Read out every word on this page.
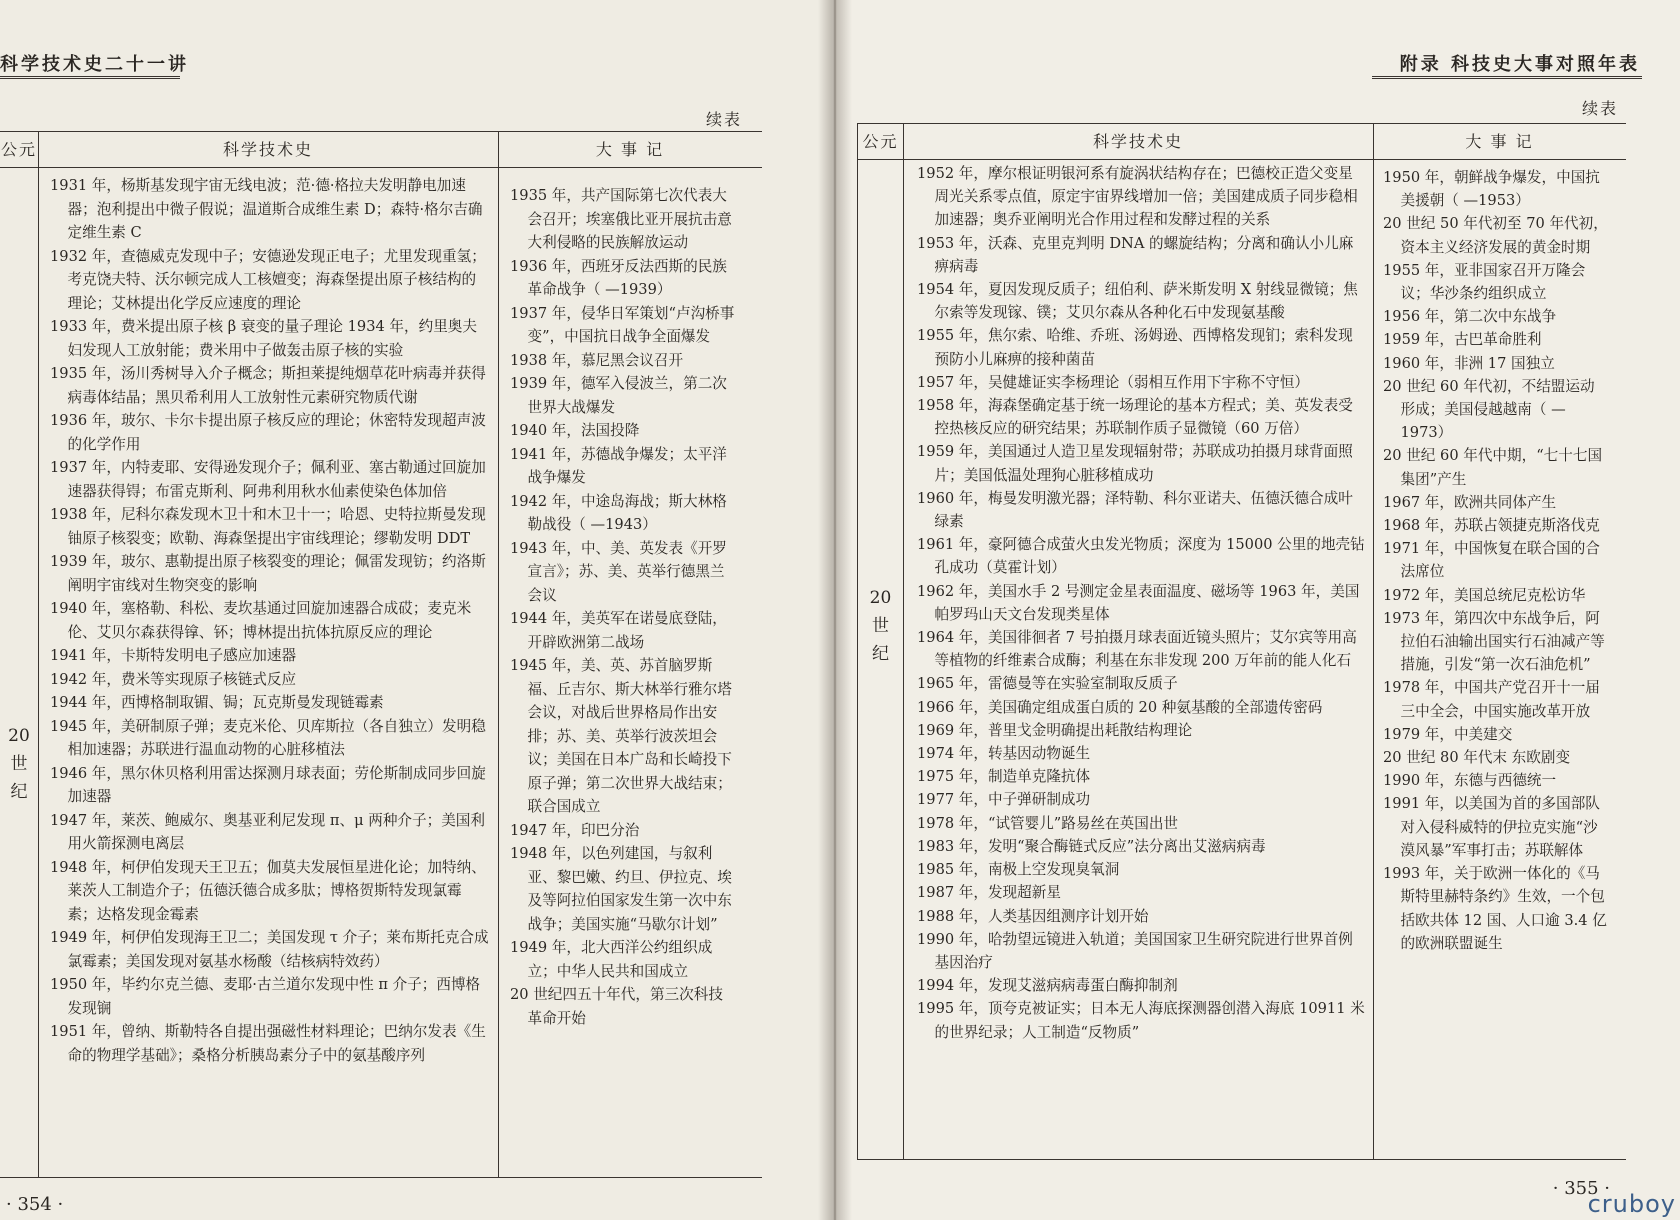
科学技术史二十一讲
续表
公元
20
世
纪
科学技术史
1931 年，杨斯基发现宇宙无线电波；范·德·格拉夫发明静电加速器；泡利提出中微子假说；温道斯合成维生素 D；森特·格尔吉确定维生素 C
1932 年，查德威克发现中子；安德逊发现正电子；尤里发现重氢；考克饶夫特、沃尔顿完成人工核嬗变；海森堡提出原子核结构的理论；艾林提出化学反应速度的理论
1933 年，费米提出原子核 β 衰变的量子理论 1934 年，约里奥夫妇发现人工放射能；费米用中子做轰击原子核的实验
1935 年，汤川秀树导入介子概念；斯担莱提纯烟草花叶病毒并获得病毒体结晶；黑贝希利用人工放射性元素研究物质代谢
1936 年，玻尔、卡尔卡提出原子核反应的理论；休密特发现超声波的化学作用
1937 年，内特麦耶、安得逊发现介子；佩利亚、塞古勒通过回旋加速器获得锝；布雷克斯利、阿弗利用秋水仙素使染色体加倍
1938 年，尼科尔森发现木卫十和木卫十一；哈恩、史特拉斯曼发现铀原子核裂变；欧勒、海森堡提出宇宙线理论；缪勒发明 DDT
1939 年，玻尔、惠勒提出原子核裂变的理论；佩雷发现钫；约洛斯阐明宇宙线对生物突变的影响
1940 年，塞格勒、科松、麦坎基通过回旋加速器合成砹；麦克米伦、艾贝尔森获得镎、钚；博林提出抗体抗原反应的理论
1941 年，卡斯特发明电子感应加速器
1942 年，费米等实现原子核链式反应
1944 年，西博格制取镅、锔；瓦克斯曼发现链霉素
1945 年，美研制原子弹；麦克米伦、贝库斯拉（各自独立）发明稳相加速器；苏联进行温血动物的心脏移植法
1946 年，黑尔休贝格利用雷达探测月球表面；劳伦斯制成同步回旋加速器
1947 年，莱茨、鲍威尔、奥基亚利尼发现 π、μ 两种介子；美国利用火箭探测电离层
1948 年，柯伊伯发现天王卫五；伽莫夫发展恒星进化论；加特纳、莱茨人工制造介子；伍德沃德合成多肽；博格贺斯特发现氯霉素；达格发现金霉素
1949 年，柯伊伯发现海王卫二；美国发现 τ 介子；莱布斯托克合成氯霉素；美国发现对氨基水杨酸（结核病特效药）
1950 年，毕约尔克兰德、麦耶·古兰道尔发现中性 π 介子；西博格发现锎
1951 年，曾纳、斯勒特各自提出强磁性材料理论；巴纳尔发表《生命的物理学基础》；桑格分析胰岛素分子中的氨基酸序列
大 事 记
1935 年，共产国际第七次代表大会召开；埃塞俄比亚开展抗击意大利侵略的民族解放运动
1936 年，西班牙反法西斯的民族革命战争（ —1939）
1937 年，侵华日军策划“卢沟桥事变”，中国抗日战争全面爆发
1938 年，慕尼黑会议召开
1939 年，德军入侵波兰，第二次世界大战爆发
1940 年，法国投降
1941 年，苏德战争爆发；太平洋战争爆发
1942 年，中途岛海战；斯大林格勒战役（ —1943）
1943 年，中、美、英发表《开罗宣言》；苏、美、英举行德黑兰会议
1944 年，美英军在诺曼底登陆，开辟欧洲第二战场
1945 年，美、英、苏首脑罗斯福、丘吉尔、斯大林举行雅尔塔会议，对战后世界格局作出安排；苏、美、英举行波茨坦会议；美国在日本广岛和长崎投下原子弹；第二次世界大战结束；联合国成立
1947 年，印巴分治
1948 年，以色列建国，与叙利亚、黎巴嫩、约旦、伊拉克、埃及等阿拉伯国家发生第一次中东战争；美国实施“马歇尔计划”
1949 年，北大西洋公约组织成立；中华人民共和国成立
20 世纪四五十年代，第三次科技革命开始
· 354 ·
附录 科技史大事对照年表
续表
公元
20
世
纪
科学技术史
1952 年，摩尔根证明银河系有旋涡状结构存在；巴德校正造父变星周光关系零点值，原定宇宙界线增加一倍；美国建成质子同步稳相加速器；奥乔亚阐明光合作用过程和发酵过程的关系
1953 年，沃森、克里克判明 DNA 的螺旋结构；分离和确认小儿麻痹病毒
1954 年，夏因发现反质子；纽伯利、萨米斯发明 X 射线显微镜；焦尔索等发现镓、镤；艾贝尔森从各种化石中发现氨基酸
1955 年，焦尔索、哈维、乔班、汤姆逊、西博格发现钔；索科发现预防小儿麻痹的接种菌苗
1957 年，吴健雄证实李杨理论（弱相互作用下宇称不守恒）
1958 年，海森堡确定基于统一场理论的基本方程式；美、英发表受控热核反应的研究结果；苏联制作质子显微镜（60 万倍）
1959 年，美国通过人造卫星发现辐射带；苏联成功拍摄月球背面照片；美国低温处理狗心脏移植成功
1960 年，梅曼发明激光器；泽特勒、科尔亚诺夫、伍德沃德合成叶绿素
1961 年，豪阿德合成萤火虫发光物质；深度为 15000 公里的地壳钻孔成功（莫霍计划）
1962 年，美国水手 2 号测定金星表面温度、磁场等 1963 年，美国帕罗玛山天文台发现类星体
1964 年，美国徘徊者 7 号拍摄月球表面近镜头照片；艾尔宾等用高等植物的纤维素合成酶；利基在东非发现 200 万年前的能人化石
1965 年，雷德曼等在实验室制取反质子
1966 年，美国确定组成蛋白质的 20 种氨基酸的全部遗传密码
1969 年，普里戈金明确提出耗散结构理论
1974 年，转基因动物诞生
1975 年，制造单克隆抗体
1977 年，中子弹研制成功
1978 年，“试管婴儿”路易丝在英国出世
1983 年，发明“聚合酶链式反应”法分离出艾滋病病毒
1985 年，南极上空发现臭氧洞
1987 年，发现超新星
1988 年，人类基因组测序计划开始
1990 年，哈勃望远镜进入轨道；美国国家卫生研究院进行世界首例基因治疗
1994 年，发现艾滋病病毒蛋白酶抑制剂
1995 年，顶夸克被证实；日本无人海底探测器创潜入海底 10911 米的世界纪录；人工制造“反物质”
大 事 记
1950 年，朝鲜战争爆发，中国抗美援朝（ —1953）
20 世纪 50 年代初至 70 年代初，资本主义经济发展的黄金时期
1955 年，亚非国家召开万隆会议；华沙条约组织成立
1956 年，第二次中东战争
1959 年，古巴革命胜利
1960 年，非洲 17 国独立
20 世纪 60 年代初，不结盟运动形成；美国侵越越南（ —1973）
20 世纪 60 年代中期，“七十七国集团”产生
1967 年，欧洲共同体产生
1968 年，苏联占领捷克斯洛伐克
1971 年，中国恢复在联合国的合法席位
1972 年，美国总统尼克松访华
1973 年，第四次中东战争后，阿拉伯石油输出国实行石油减产等措施，引发“第一次石油危机”
1978 年，中国共产党召开十一届三中全会，中国实施改革开放
1979 年，中美建交
20 世纪 80 年代末 东欧剧变
1990 年，东德与西德统一
1991 年，以美国为首的多国部队对入侵科威特的伊拉克实施“沙漠风暴”军事打击；苏联解体
1993 年，关于欧洲一体化的《马斯特里赫特条约》生效，一个包括欧共体 12 国、人口逾 3.4 亿的欧洲联盟诞生
· 355 ·
cruboy
